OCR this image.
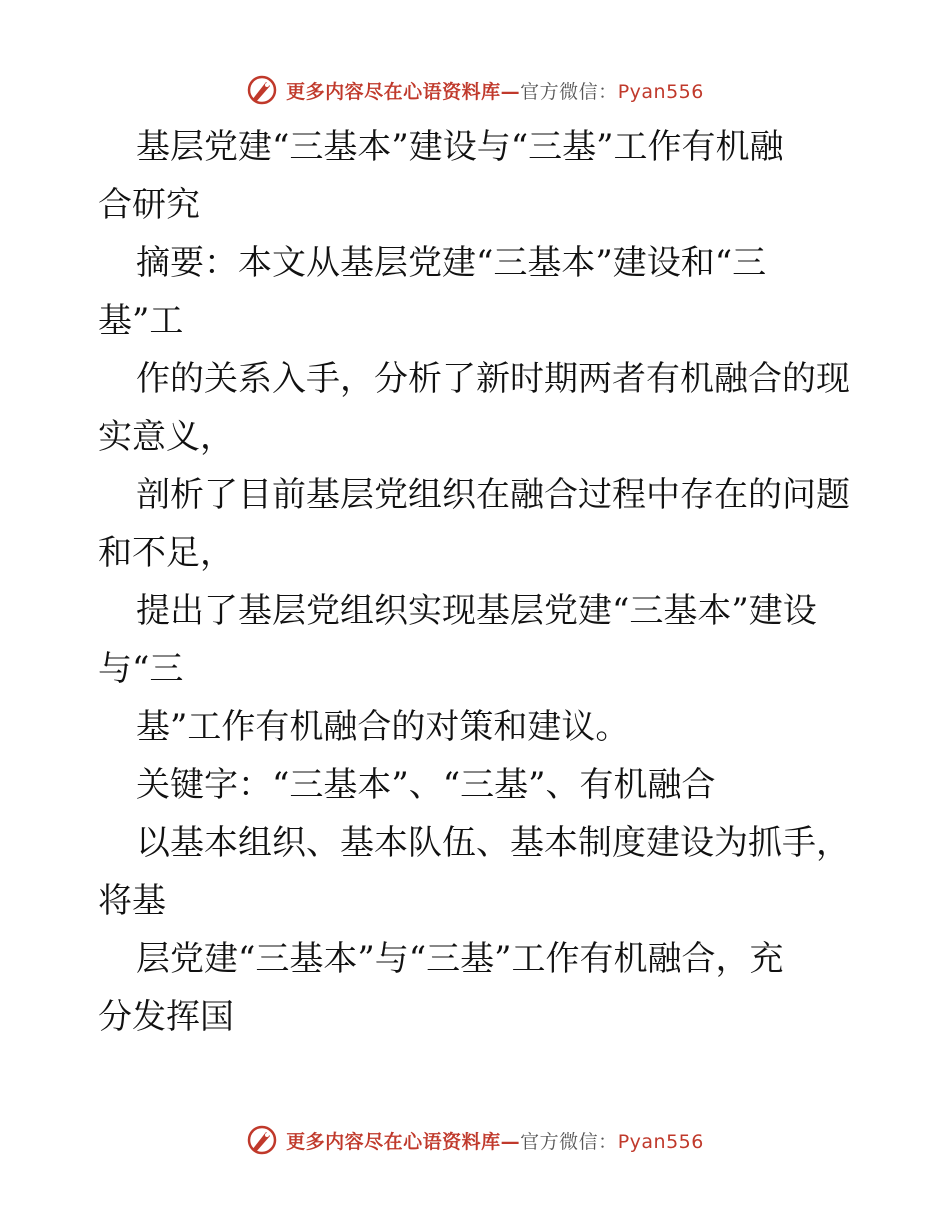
更多内容尽在心语资料库—官方微信：Pyan556

基层党建“三基本”建设与“三基”工作有机融

合研究

摘要：本文从基层党建“三基本”建设和“三

基”工

作的关系入手，分析了新时期两者有机融合的现

实意义，

剖析了目前基层党组织在融合过程中存在的问题

和不足，

提出了基层党组织实现基层党建“三基本”建设

与“三

基”工作有机融合的对策和建议。

关键字：“三基本”、“三基”、有机融合

以基本组织、基本队伍、基本制度建设为抓手，

将基

层党建“三基本”与“三基”工作有机融合，充

分发挥国

更多内容尽在心语资料库—官方微信：Pyan556
